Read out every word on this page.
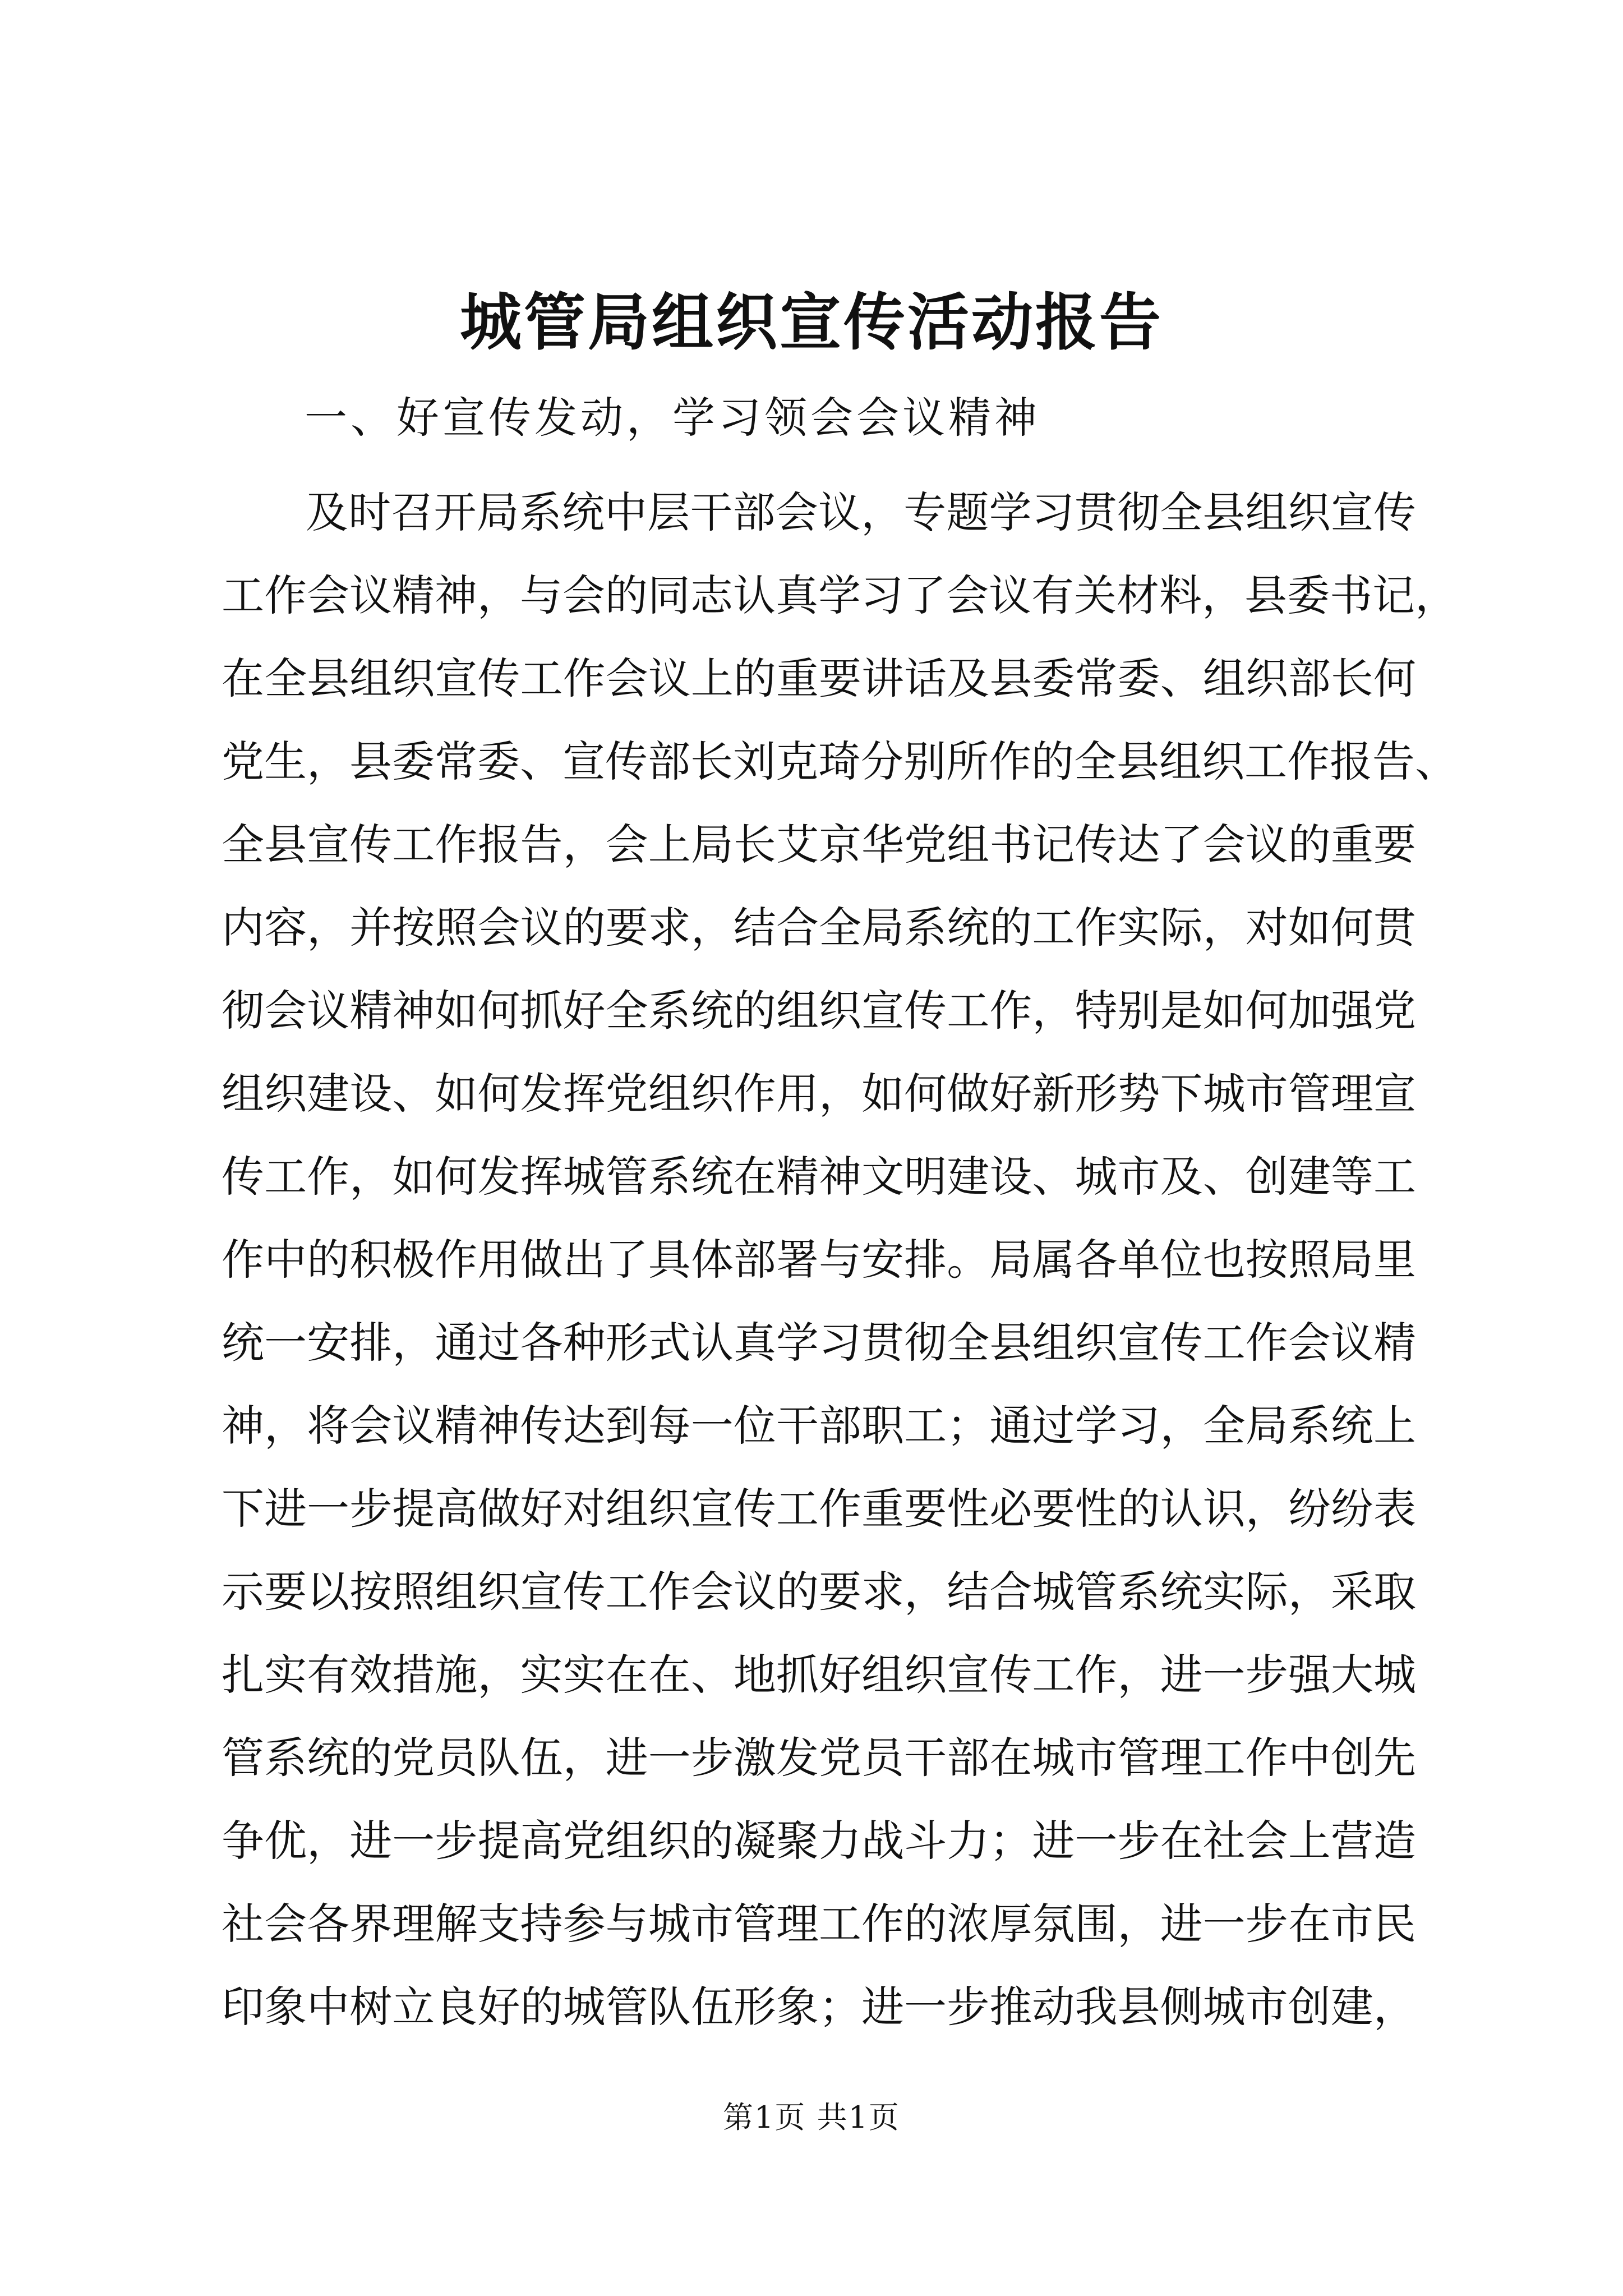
城管局组织宣传活动报告

一、好宣传发动，学习领会会议精神

及时召开局系统中层干部会议，专题学习贯彻全县组织宣传
工作会议精神，与会的同志认真学习了会议有关材料，县委书记，
在全县组织宣传工作会议上的重要讲话及县委常委、组织部长何
党生，县委常委、宣传部长刘克琦分别所作的全县组织工作报告、
全县宣传工作报告，会上局长艾京华党组书记传达了会议的重要
内容，并按照会议的要求，结合全局系统的工作实际，对如何贯
彻会议精神如何抓好全系统的组织宣传工作，特别是如何加强党
组织建设、如何发挥党组织作用，如何做好新形势下城市管理宣
传工作，如何发挥城管系统在精神文明建设、城市及、创建等工
作中的积极作用做出了具体部署与安排。局属各单位也按照局里
统一安排，通过各种形式认真学习贯彻全县组织宣传工作会议精
神，将会议精神传达到每一位干部职工；通过学习，全局系统上
下进一步提高做好对组织宣传工作重要性必要性的认识，纷纷表
示要以按照组织宣传工作会议的要求，结合城管系统实际，采取
扎实有效措施，实实在在、地抓好组织宣传工作，进一步强大城
管系统的党员队伍，进一步激发党员干部在城市管理工作中创先
争优，进一步提高党组织的凝聚力战斗力；进一步在社会上营造
社会各界理解支持参与城市管理工作的浓厚氛围，进一步在市民
印象中树立良好的城管队伍形象；进一步推动我县侧城市创建，

第1页 共1页
